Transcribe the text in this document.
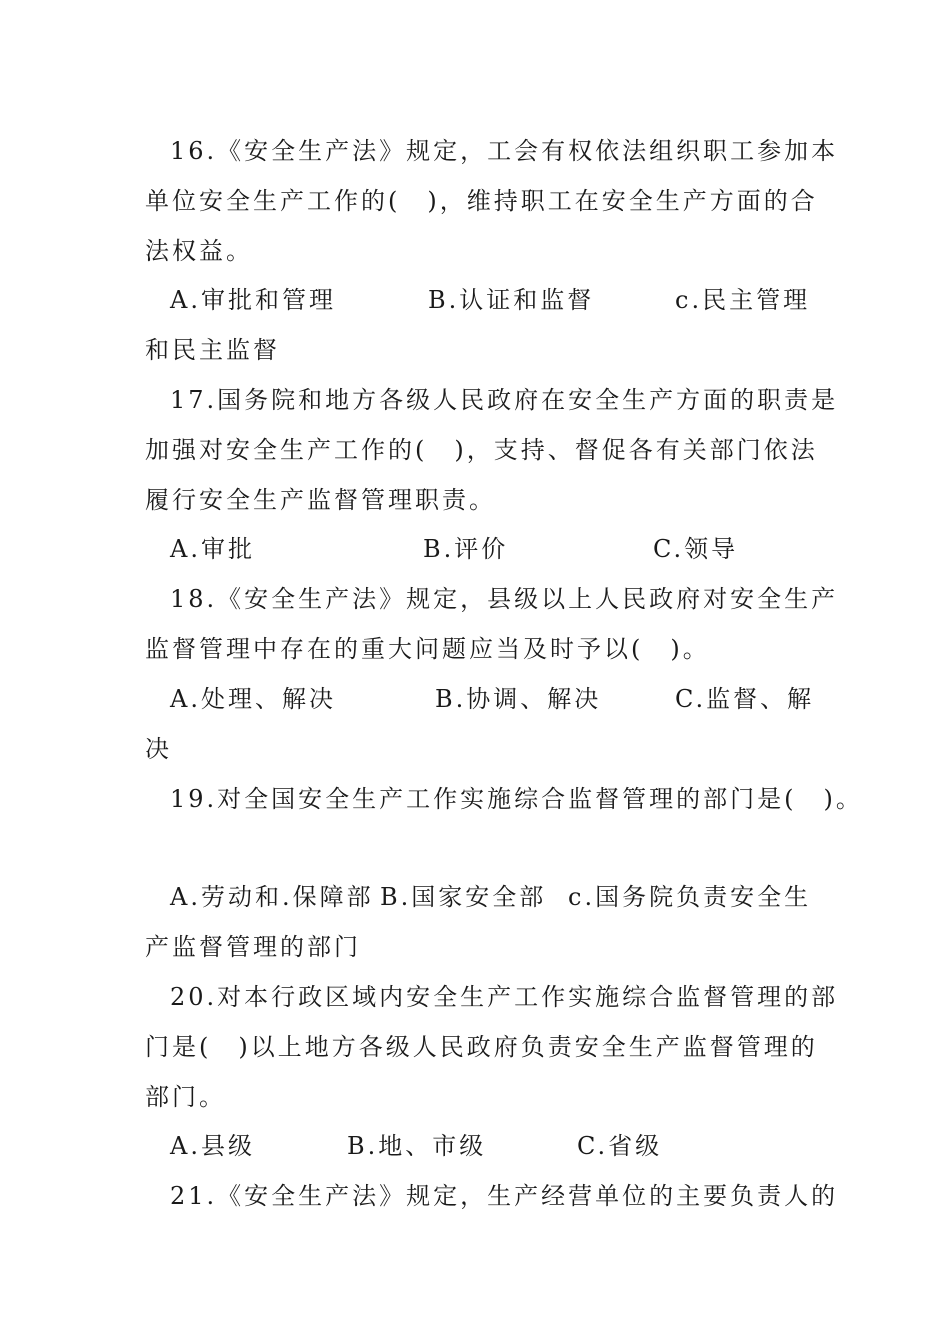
16.《安全生产法》规定，工会有权依法组织职工参加本
单位安全生产工作的(　)，维持职工在安全生产方面的合
法权益。
A.审批和管理	B.认证和监督	c.民主管理
和民主监督
17.国务院和地方各级人民政府在安全生产方面的职责是
加强对安全生产工作的(　)，支持、督促各有关部门依法
履行安全生产监督管理职责。
A.审批	B.评价	C.领导
18.《安全生产法》规定，县级以上人民政府对安全生产
监督管理中存在的重大问题应当及时予以(　)。
A.处理、解决	B.协调、解决	C.监督、解
决
19.对全国安全生产工作实施综合监督管理的部门是(　)。
A.劳动和.保障部 B.国家安全部 c.国务院负责安全生
产监督管理的部门
20.对本行政区域内安全生产工作实施综合监督管理的部
门是(　)以上地方各级人民政府负责安全生产监督管理的
部门。
A.县级	B.地、市级	C.省级
21.《安全生产法》规定，生产经营单位的主要负责人的
